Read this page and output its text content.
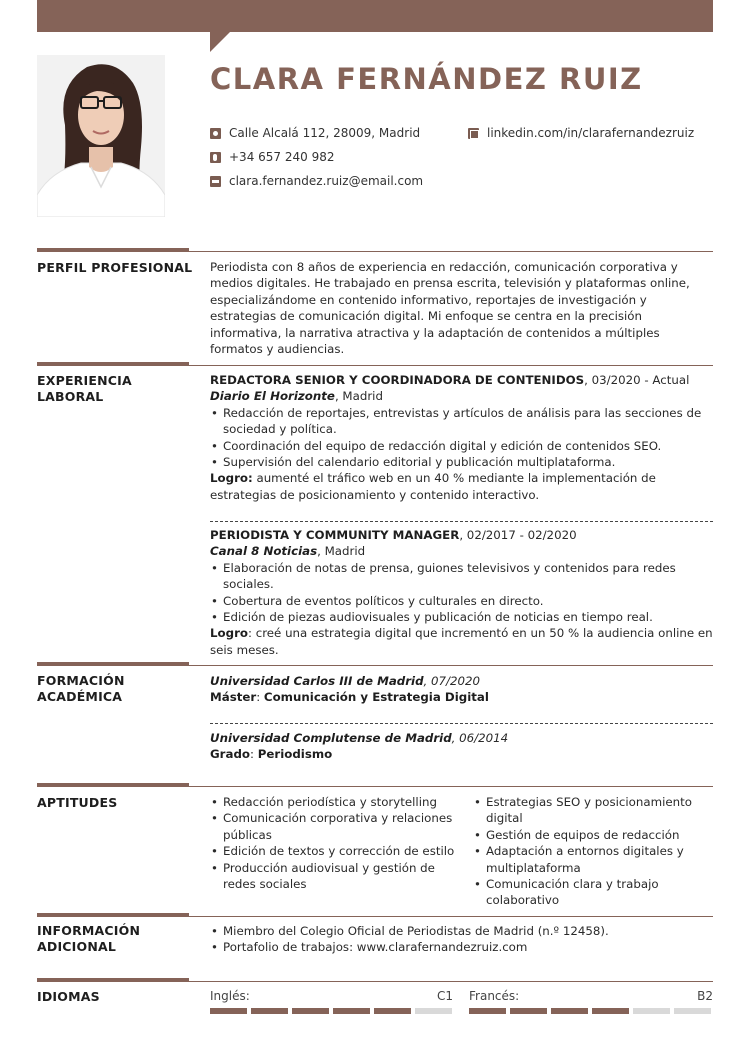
CLARA FERNÁNDEZ RUIZ
Calle Alcalá 112, 28009, Madrid
+34 657 240 982
clara.fernandez.ruiz@email.com
linkedin.com/in/clarafernandezruiz
PERFIL PROFESIONAL	Periodista con 8 años de experiencia en redacción, comunicación corporativa y medios digitales. He trabajado en prensa escrita, televisión y plataformas online, especializándome en contenido informativo, reportajes de investigación y estrategias de comunicación digital. Mi enfoque se centra en la precisión informativa, la narrativa atractiva y la adaptación de contenidos a múltiples formatos y audiencias.
EXPERIENCIA LABORAL
REDACTORA SENIOR Y COORDINADORA DE CONTENIDOS, 03/2020 - Actual
Diario El Horizonte, Madrid
• Redacción de reportajes, entrevistas y artículos de análisis para las secciones de sociedad y política.
• Coordinación del equipo de redacción digital y edición de contenidos SEO.
• Supervisión del calendario editorial y publicación multiplataforma.
Logro: aumenté el tráfico web en un 40 % mediante la implementación de estrategias de posicionamiento y contenido interactivo.
PERIODISTA Y COMMUNITY MANAGER, 02/2017 - 02/2020
Canal 8 Noticias, Madrid
• Elaboración de notas de prensa, guiones televisivos y contenidos para redes sociales.
• Cobertura de eventos políticos y culturales en directo.
• Edición de piezas audiovisuales y publicación de noticias en tiempo real.
Logro: creé una estrategia digital que incrementó en un 50 % la audiencia online en seis meses.
FORMACIÓN ACADÉMICA
Universidad Carlos III de Madrid, 07/2020
Máster: Comunicación y Estrategia Digital
Universidad Complutense de Madrid, 06/2014
Grado: Periodismo
APTITUDES
•	Redacción periodística y storytelling
• Comunicación corporativa y relaciones públicas
• Edición de textos y corrección de estilo
• Producción audiovisual y gestión de redes sociales
• Estrategias SEO y posicionamiento digital
• Gestión de equipos de redacción
• Adaptación a entornos digitales y multiplataforma
• Comunicación clara y trabajo colaborativo
INFORMACIÓN ADICIONAL
• Miembro del Colegio Oficial de Periodistas de Madrid (n.º 12458).
• Portafolio de trabajos: www.clarafernandezruiz.com
IDIOMAS	Inglés:	C1 Francés:	B2
